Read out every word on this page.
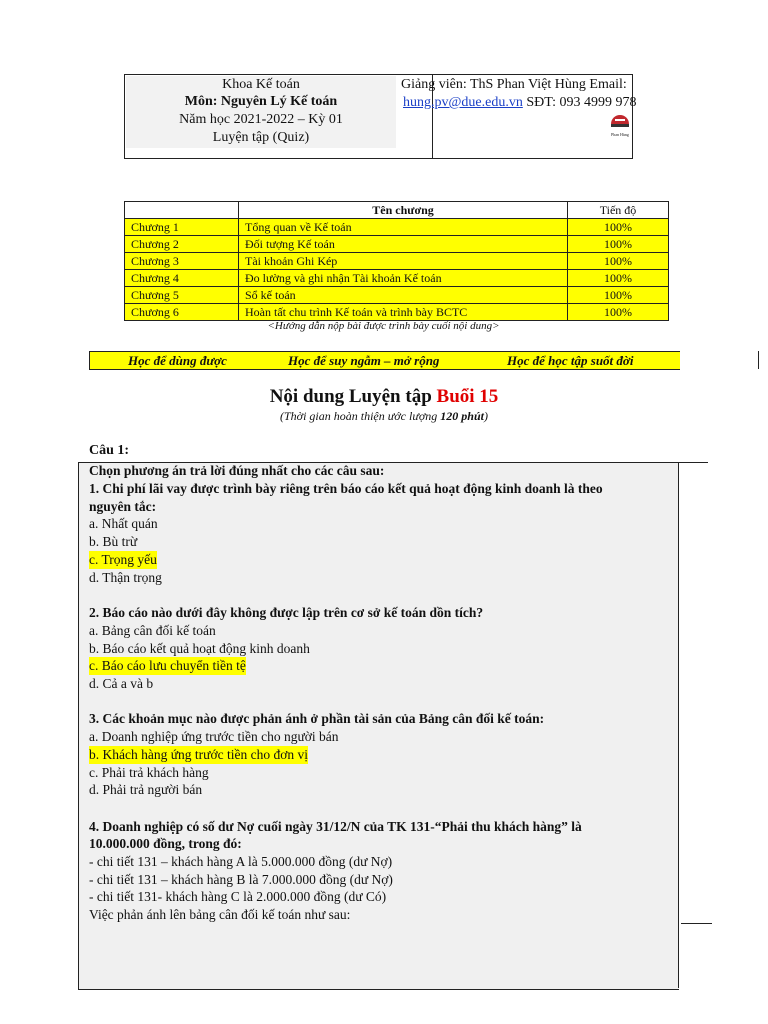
Khoa Kế toán
Môn: Nguyên Lý Kế toán
Năm học 2021-2022 – Kỳ 01
Luyện tập (Quiz)
Giảng viên: ThS Phan Việt Hùng Email:
hung.pv@due.edu.vn SĐT: 093 4999 978
Phan Hùng
	Tên chương	Tiến độ
Chương 1	Tổng quan về Kế toán	100%
Chương 2	Đối tượng Kế toán	100%
Chương 3	Tài khoản Ghi Kép	100%
Chương 4	Đo lường và ghi nhận Tài khoản Kế toán	100%
Chương 5	Sổ kế toán	100%
Chương 6	Hoàn tất chu trình Kế toán và trình bày BCTC	100%
<Hướng dẫn nộp bài được trình bày cuối nội dung>
Học để dùng được	Học để suy ngẫm – mở rộng	Học để học tập suốt đời
Nội dung Luyện tập Buổi 15
(Thời gian hoàn thiện ước lượng 120 phút)
Câu 1:
Chọn phương án trả lời đúng nhất cho các câu sau:
1. Chi phí lãi vay được trình bày riêng trên báo cáo kết quả hoạt động kinh doanh là theo
nguyên tắc:
a. Nhất quán
b. Bù trừ
c. Trọng yếu
d. Thận trọng
2. Báo cáo nào dưới đây không được lập trên cơ sở kế toán dồn tích?
a. Bảng cân đối kế toán
b. Báo cáo kết quả hoạt động kinh doanh
c. Báo cáo lưu chuyển tiền tệ
d. Cả a và b
3. Các khoản mục nào được phản ánh ở phần tài sản của Bảng cân đối kế toán:
a. Doanh nghiệp ứng trước tiền cho người bán
b. Khách hàng ứng trước tiền cho đơn vị
c. Phải trả khách hàng
d. Phải trả người bán
4. Doanh nghiệp có số dư Nợ cuối ngày 31/12/N của TK 131-“Phải thu khách hàng” là
10.000.000 đồng, trong đó:
- chi tiết 131 – khách hàng A là 5.000.000 đồng (dư Nợ)
- chi tiết 131 – khách hàng B là 7.000.000 đồng (dư Nợ)
- chi tiết 131- khách hàng C là 2.000.000 đồng (dư Có)
Việc phản ánh lên bảng cân đối kế toán như sau:
